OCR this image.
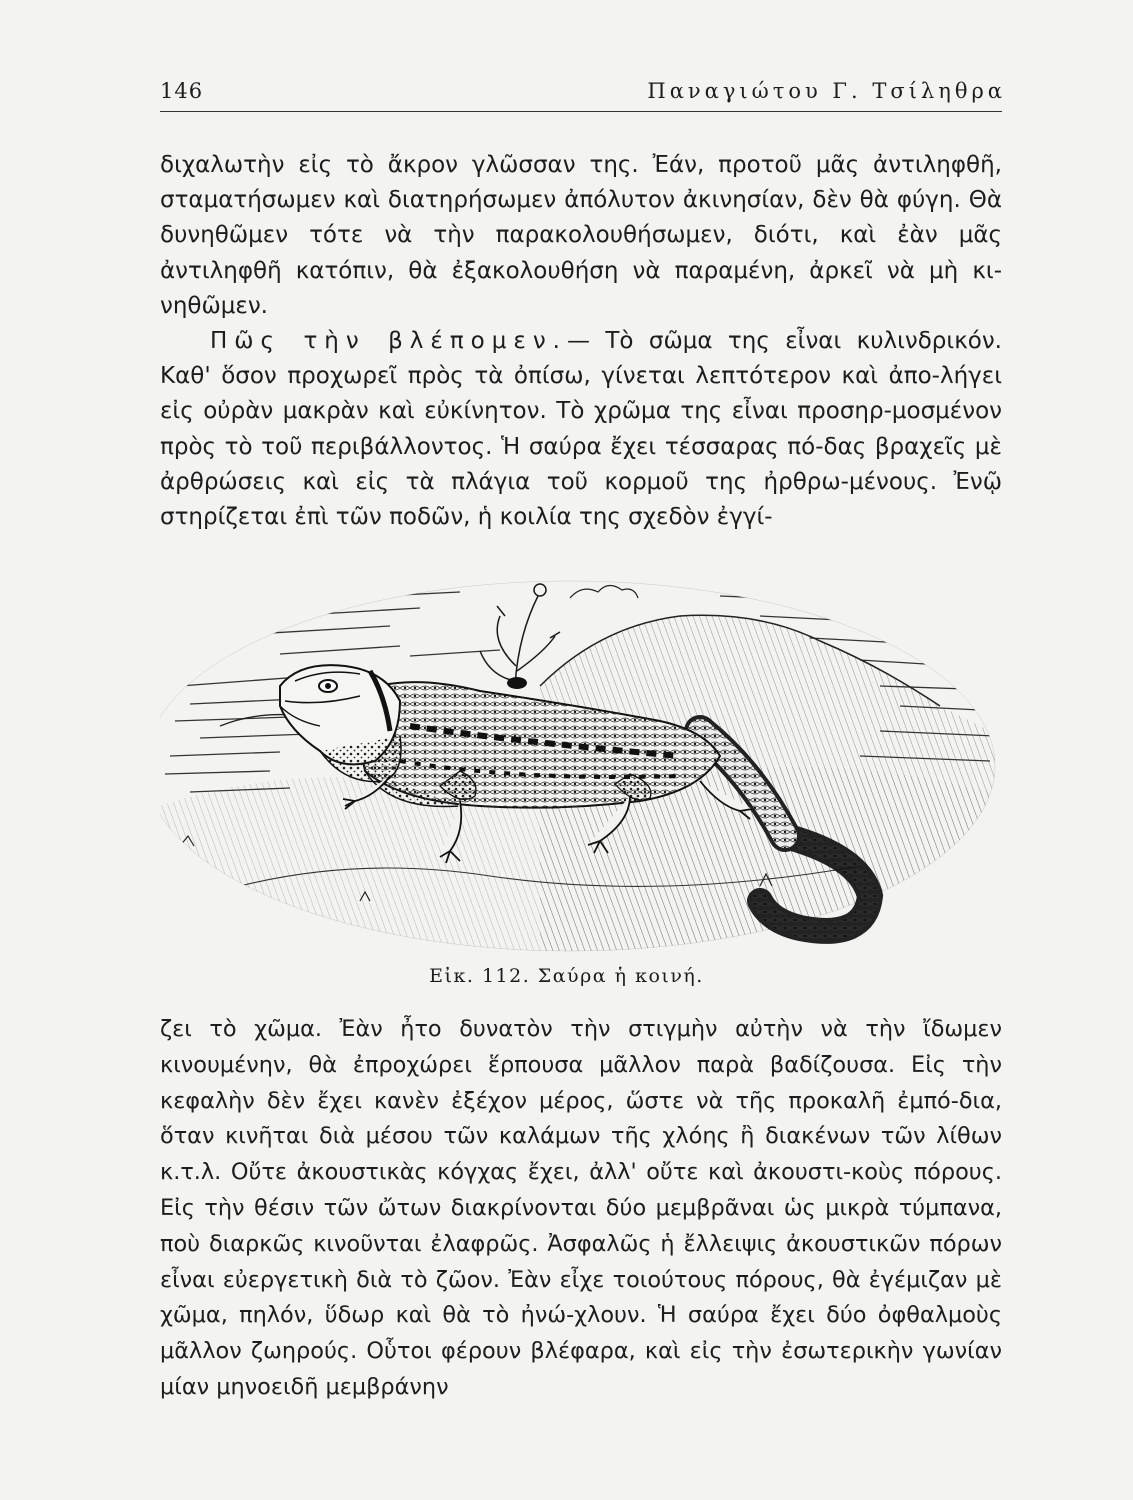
146	Παναγιώτου Γ. Τσίληθρα

διχαλωτὴν εἰς τὸ ἄκρον γλῶσσαν της. Ἐάν, προτοῦ μᾶς ἀντιληφθῆ, σταματήσωμεν καὶ διατηρήσωμεν ἀπόλυτον ἀκινησίαν, δὲν θὰ φύγη. Θὰ δυνηθῶμεν τότε νὰ τὴν παρακολουθήσωμεν, διότι, καὶ ἐὰν μᾶς ἀντιληφθῆ κατόπιν, θὰ ἐξακολουθήση νὰ παραμένη, ἀρκεῖ νὰ μὴ κι-νηθῶμεν.

Πῶς τὴν βλέπομεν.— Τὸ σῶμα της εἶναι κυλινδρικόν. Καθ' ὅσον προχωρεῖ πρὸς τὰ ὀπίσω, γίνεται λεπτότερον καὶ ἀπο-λήγει εἰς οὐρὰν μακρὰν καὶ εὐκίνητον. Τὸ χρῶμα της εἶναι προσηρ-μοσμένον πρὸς τὸ τοῦ περιβάλλοντος. Ἡ σαύρα ἔχει τέσσαρας πό-δας βραχεῖς μὲ ἀρθρώσεις καὶ εἰς τὰ πλάγια τοῦ κορμοῦ της ἠρθρω-μένους. Ἐνῷ στηρίζεται ἐπὶ τῶν ποδῶν, ἡ κοιλία της σχεδὸν ἐγγί-

Εἰκ. 112. Σαύρα ἡ κοινή.

ζει τὸ χῶμα. Ἐὰν ἦτο δυνατὸν τὴν στιγμὴν αὐτὴν νὰ τὴν ἴδωμεν κινουμένην, θὰ ἐπροχώρει ἕρπουσα μᾶλλον παρὰ βαδίζουσα. Εἰς τὴν κεφαλὴν δὲν ἔχει κανὲν ἐξέχον μέρος, ὥστε νὰ τῆς προκαλῆ ἐμπό-δια, ὅταν κινῆται διὰ μέσου τῶν καλάμων τῆς χλόης ἢ διακένων τῶν λίθων κ.τ.λ. Οὔτε ἀκουστικὰς κόγχας ἔχει, ἀλλ' οὔτε καὶ ἀκουστι-κοὺς πόρους. Εἰς τὴν θέσιν τῶν ὤτων διακρίνονται δύο μεμβρᾶναι ὡς μικρὰ τύμπανα, ποὺ διαρκῶς κινοῦνται ἐλαφρῶς. Ἀσφαλῶς ἡ ἔλλειψις ἀκουστικῶν πόρων εἶναι εὐεργετικὴ διὰ τὸ ζῶον. Ἐὰν εἶχε τοιούτους πόρους, θὰ ἐγέμιζαν μὲ χῶμα, πηλόν, ὕδωρ καὶ θὰ τὸ ἠνώ-χλουν. Ἡ σαύρα ἔχει δύο ὀφθαλμοὺς μᾶλλον ζωηρούς. Οὗτοι φέρουν βλέφαρα, καὶ εἰς τὴν ἐσωτερικὴν γωνίαν μίαν μηνοειδῆ μεμβράνην
